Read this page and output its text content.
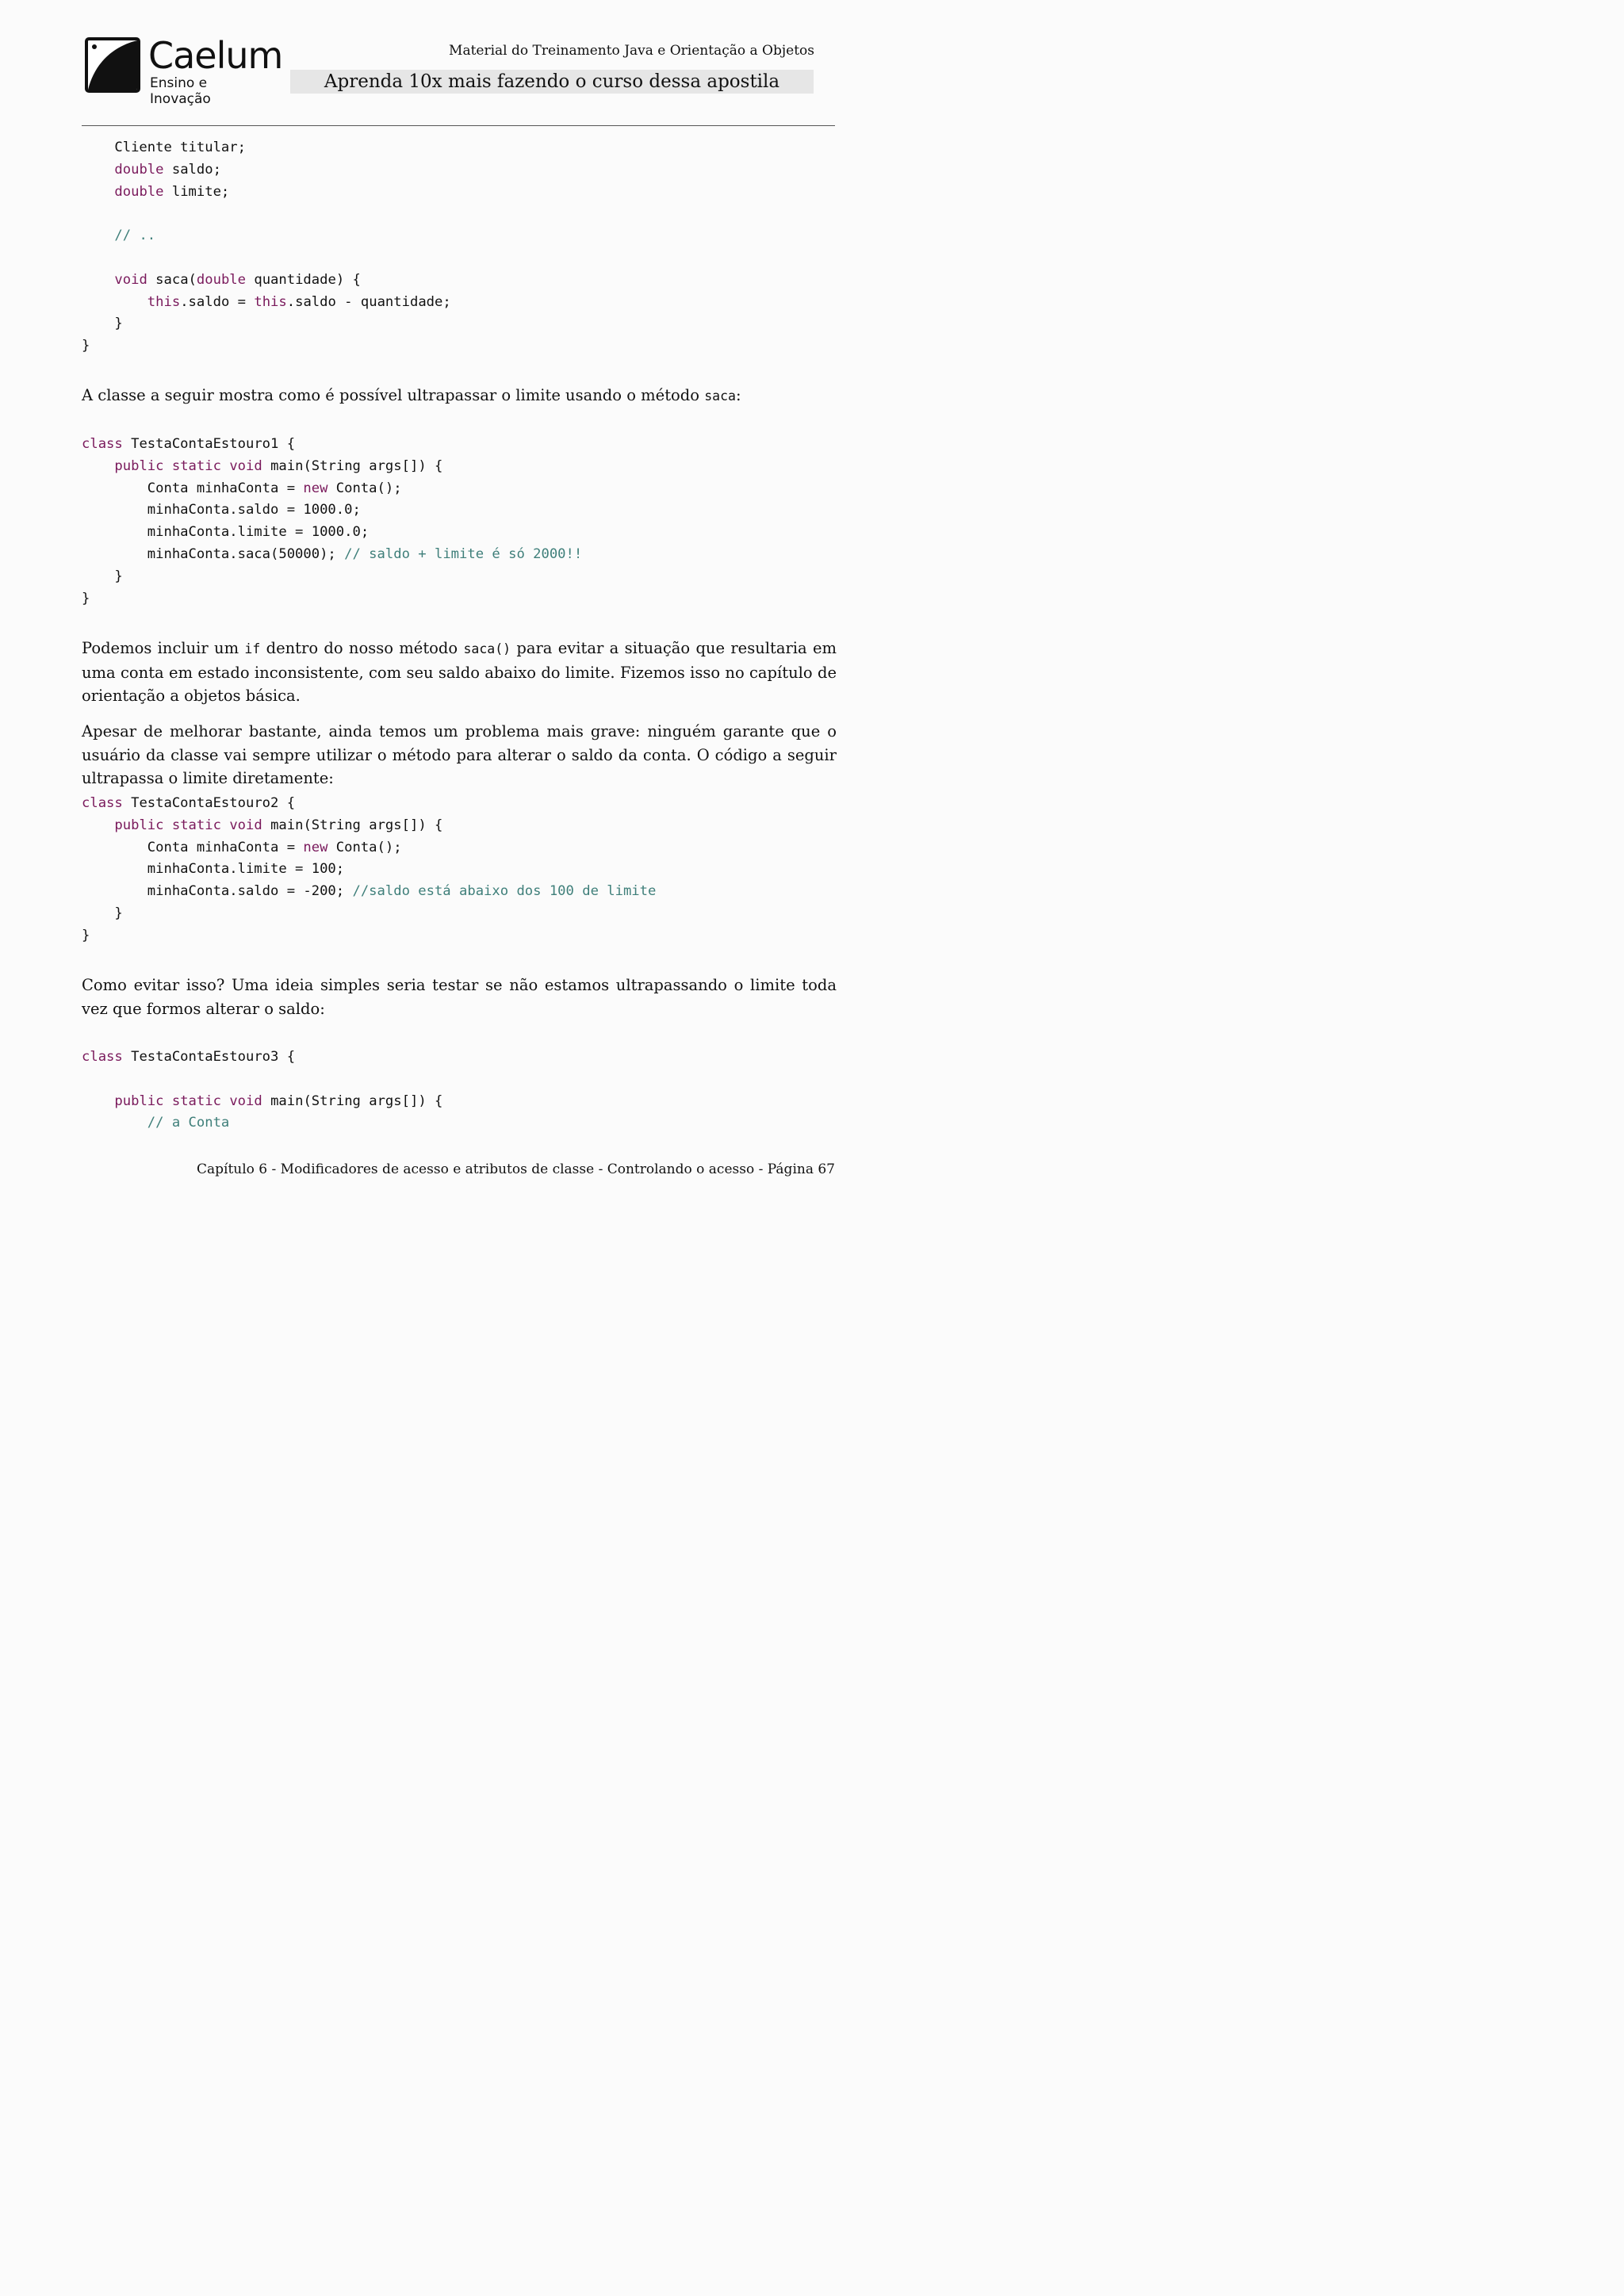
Caelum
Ensino e Inovação
Material do Treinamento Java e Orientação a Objetos
Aprenda 10x mais fazendo o curso dessa apostila
Cliente titular;
double saldo;
double limite;
// ..
void saca(double quantidade) {
this.saldo = this.saldo - quantidade;
}
}
A classe a seguir mostra como é possível ultrapassar o limite usando o método saca:
class TestaContaEstouro1 {
public static void main(String args[]) {
Conta minhaConta = new Conta();
minhaConta.saldo = 1000.0;
minhaConta.limite = 1000.0;
minhaConta.saca(50000); // saldo + limite é só 2000!!
}
}
Podemos incluir um if dentro do nosso método saca() para evitar a situação que resultaria em uma conta em estado inconsistente, com seu saldo abaixo do limite. Fizemos isso no capítulo de orientação a objetos básica.
Apesar de melhorar bastante, ainda temos um problema mais grave: ninguém garante que o usuário da classe vai sempre utilizar o método para alterar o saldo da conta. O código a seguir ultrapassa o limite diretamente:
class TestaContaEstouro2 {
public static void main(String args[]) {
Conta minhaConta = new Conta();
minhaConta.limite = 100;
minhaConta.saldo = -200; //saldo está abaixo dos 100 de limite
}
}
Como evitar isso? Uma ideia simples seria testar se não estamos ultrapassando o limite toda vez que formos alterar o saldo:
class TestaContaEstouro3 {
public static void main(String args[]) {
// a Conta
Capítulo 6 - Modificadores de acesso e atributos de classe - Controlando o acesso - Página 67
